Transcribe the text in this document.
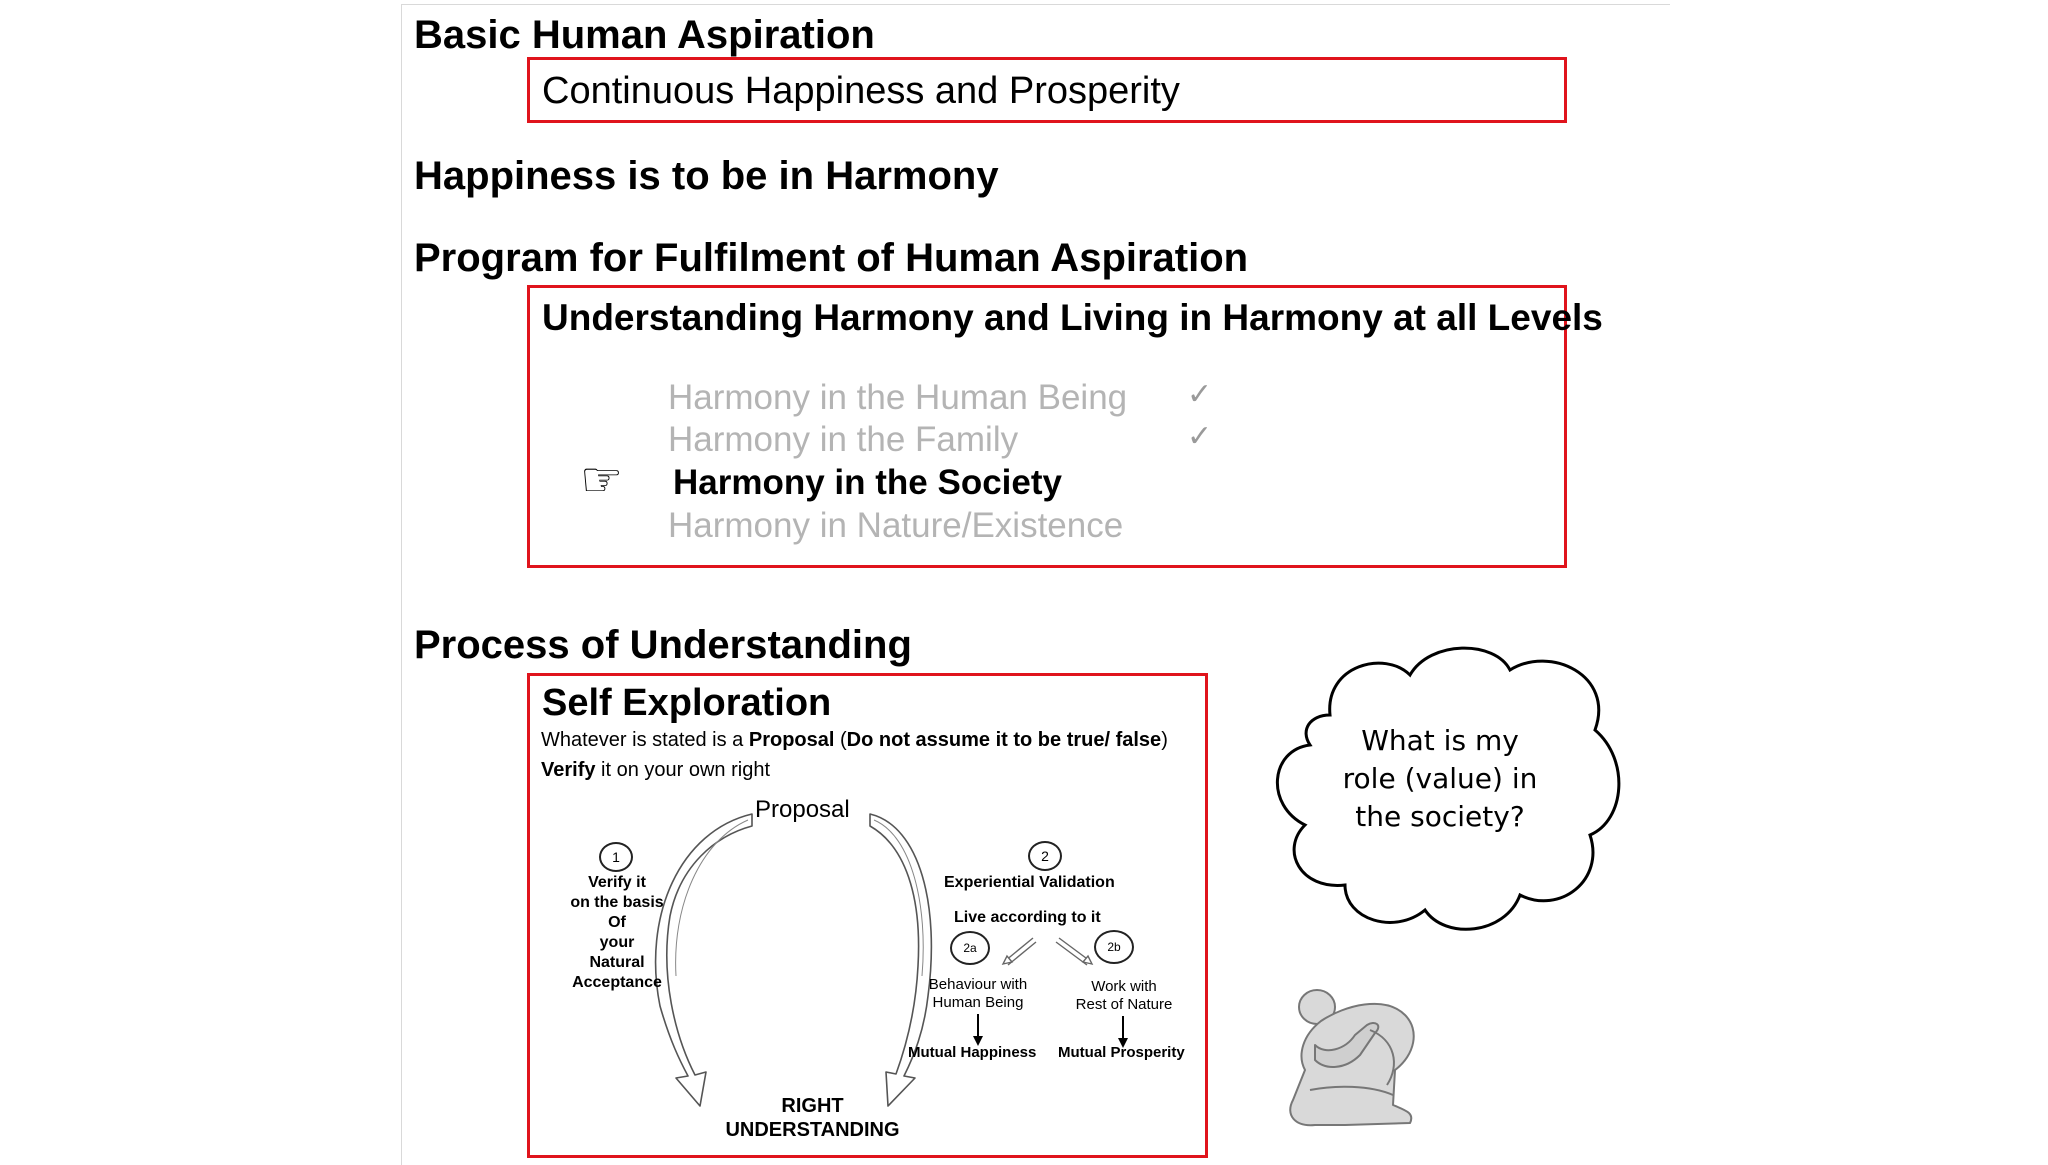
Basic Human Aspiration
Continuous Happiness and Prosperity
Happiness is to be in Harmony
Program for Fulfilment of Human Aspiration
Understanding Harmony and Living in Harmony at all Levels
Harmony in the Human Being ✓
Harmony in the Family	✓
☞ Harmony in the Society
Harmony in Nature/Existence
Process of Understanding
Self Exploration
Whatever is stated is a Proposal (Do not assume it to be true/ false)
Verify it on your own right
Proposal
1
Verify it
on the basis
Of
your
Natural
Acceptance
2
Experiential Validation
Live according to it
2a	2b
Behaviour with
Human Being
Work with
Rest of Nature
Mutual Happiness Mutual Prosperity
RIGHT
UNDERSTANDING
What is my
role (value) in
the society?
